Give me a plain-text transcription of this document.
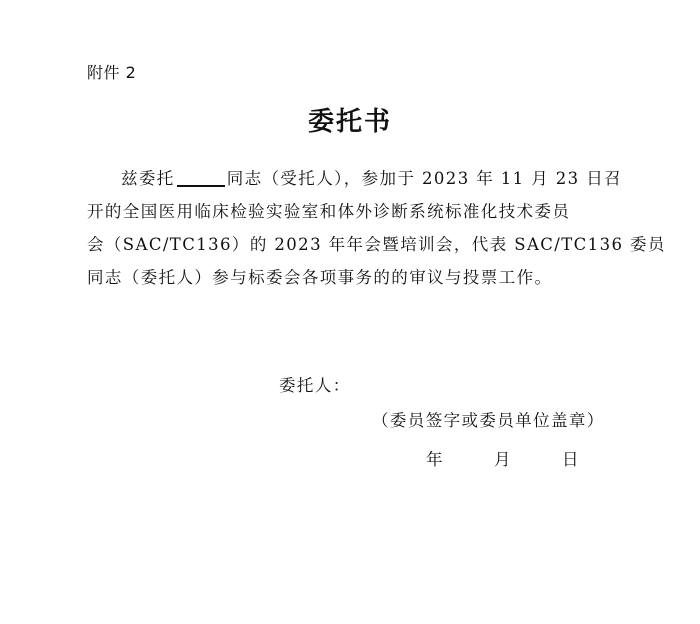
附件 2
委托书
兹委托	同志（受托人），参加于 2023 年 11 月 23 日召
开的全国医用临床检验实验室和体外诊断系统标准化技术委员
会（SAC/TC136）的 2023 年年会暨培训会，代表 SAC/TC136 委员
同志（委托人）参与标委会各项事务的的审议与投票工作。
委托人：
（委员签字或委员单位盖章）
年	月	日
